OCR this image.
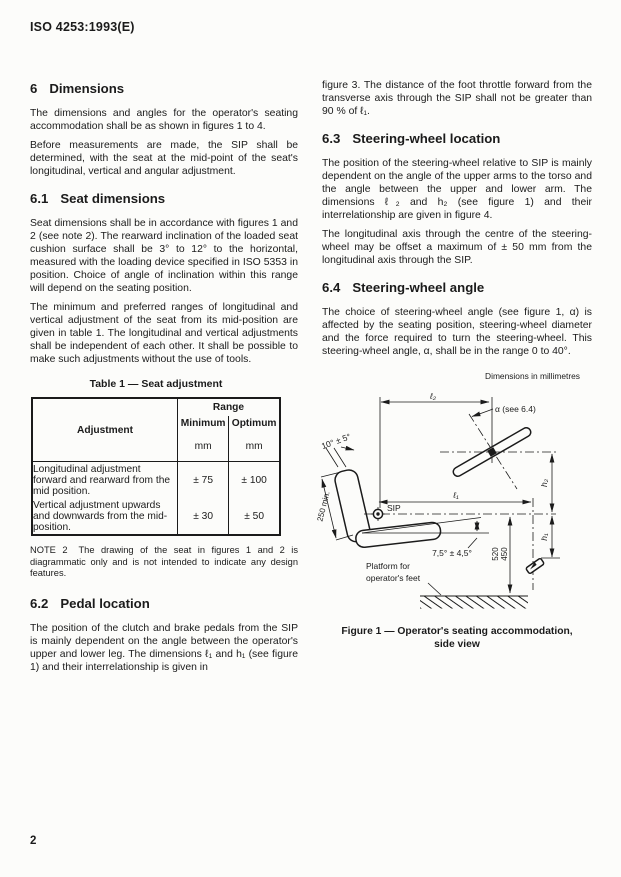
ISO 4253:1993(E)
6 Dimensions

The dimensions and angles for the operator's seating accommodation shall be as shown in figures 1 to 4.

Before measurements are made, the SIP shall be determined, with the seat at the mid-point of the seat's longitudinal, vertical and angular adjustment.

6.1 Seat dimensions

Seat dimensions shall be in accordance with figures 1 and 2 (see note 2). The rearward inclination of the loaded seat cushion surface shall be 3° to 12° to the horizontal, measured with the loading device specified in ISO 5353 in position. Choice of angle of inclination within this range will depend on the seating position.

The minimum and preferred ranges of longitudinal and vertical adjustment of the seat from its mid-position are given in table 1. The longitudinal and vertical adjustments shall be independent of each other. It shall be possible to make such adjustments without the use of tools.

Table 1 — Seat adjustment
Adjustment	Range	
	Minimum	Optimum
	mm	mm
Longitudinal adjustment forward and rearward from the mid position.	± 75	± 100
Vertical adjustment upwards and downwards from the mid-position.	± 30	± 50
NOTE 2 The drawing of the seat in figures 1 and 2 is diagrammatic only and is not intended to indicate any design features.
6.2 Pedal location

The position of the clutch and brake pedals from the SIP is mainly dependent on the angle between the operator's upper and lower leg. The dimensions ℓ₁ and h₁ (see figure 1) and their interrelationship is given in

figure 3. The distance of the foot throttle forward from the transverse axis through the SIP shall not be greater than 90 % of ℓ₁.

6.3 Steering-wheel location

The position of the steering-wheel relative to SIP is mainly dependent on the angle of the upper arms to the torso and the angle between the upper and lower arm. The dimensions ℓ₂ and h₂ (see figure 1) and their interrelationship are given in figure 4.

The longitudinal axis through the centre of the steering-wheel may be offset a maximum of ± 50 mm from the longitudinal axis through the SIP.

6.4 Steering-wheel angle

The choice of steering-wheel angle (see figure 1, α) is affected by the seating position, steering-wheel diameter and the force required to turn the steering-wheel. This steering-wheel angle, α, shall be in the range 0 to 40°.

Dimensions in millimetres
10° ± 5°
250 min.
ℓ₂
α (see 6.4)
SIP
ℓ₁
7,5° ± 4,5° 520 450
h₂
h₁
Platform for
operator's feet
Figure 1 — Operator's seating accommodation,
side view
2
